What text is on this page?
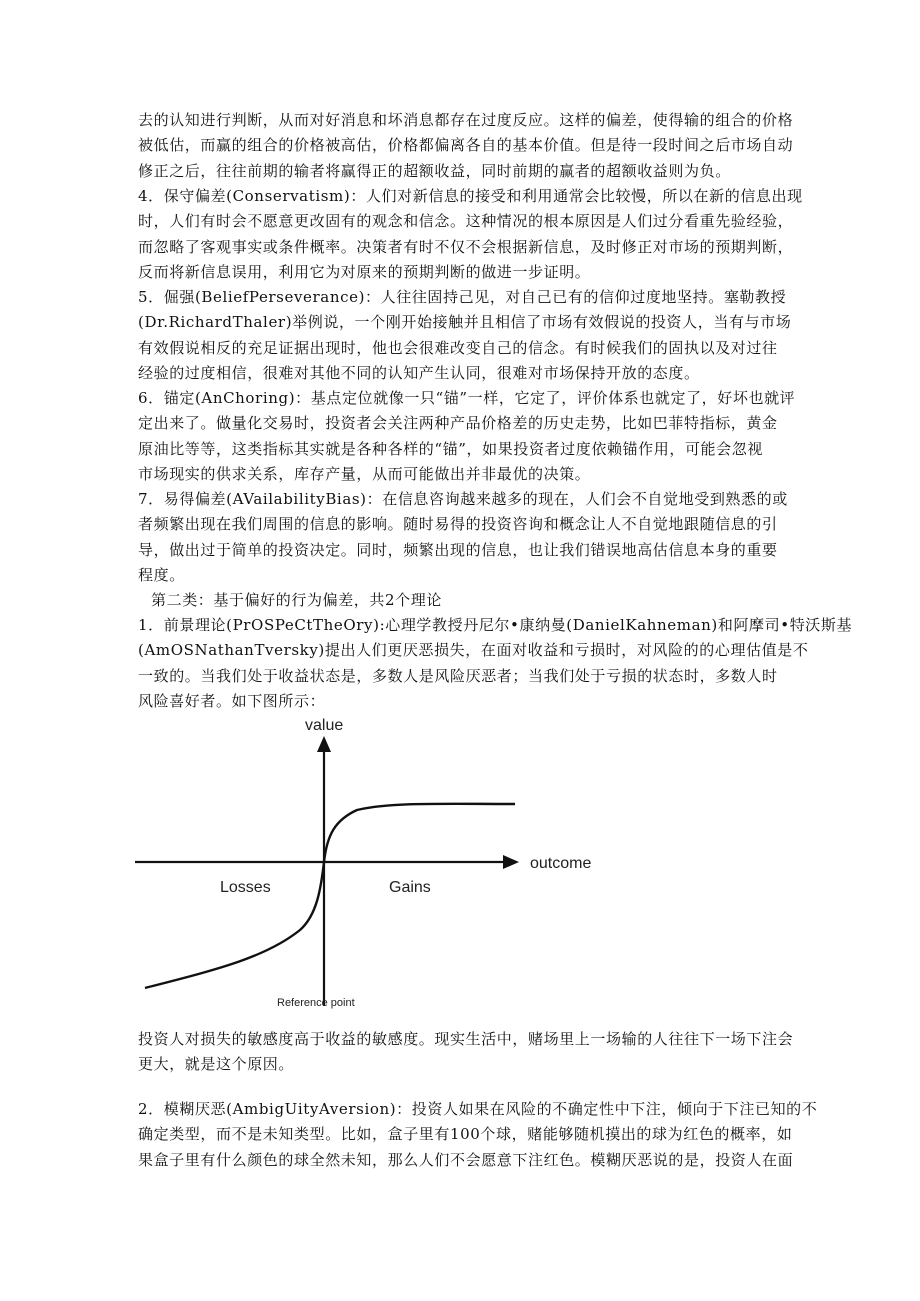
去的认知进行判断，从而对好消息和坏消息都存在过度反应。这样的偏差，使得输的组合的价格
被低估，而赢的组合的价格被高估，价格都偏离各自的基本价值。但是待一段时间之后市场自动
修正之后，往往前期的输者将赢得正的超额收益，同时前期的赢者的超额收益则为负。
4．保守偏差(Conservatism)：人们对新信息的接受和利用通常会比较慢，所以在新的信息出现
时，人们有时会不愿意更改固有的观念和信念。这种情况的根本原因是人们过分看重先验经验，
而忽略了客观事实或条件概率。决策者有时不仅不会根据新信息，及时修正对市场的预期判断，
反而将新信息误用，利用它为对原来的预期判断的做进一步证明。
5．倔强(BeliefPerseverance)：人往往固持己见，对自己已有的信仰过度地坚持。塞勒教授
(Dr.RichardThaler)举例说，一个刚开始接触并且相信了市场有效假说的投资人，当有与市场
有效假说相反的充足证据出现时，他也会很难改变自己的信念。有时候我们的固执以及对过往
经验的过度相信，很难对其他不同的认知产生认同，很难对市场保持开放的态度。
6．锚定(AnChoring)：基点定位就像一只“锚”一样，它定了，评价体系也就定了，好坏也就评
定出来了。做量化交易时，投资者会关注两种产品价格差的历史走势，比如巴菲特指标，黄金
原油比等等，这类指标其实就是各种各样的“锚”，如果投资者过度依赖锚作用，可能会忽视
市场现实的供求关系，库存产量，从而可能做出并非最优的决策。
7．易得偏差(AVailabilityBias)：在信息咨询越来越多的现在，人们会不自觉地受到熟悉的或
者频繁出现在我们周围的信息的影响。随时易得的投资咨询和概念让人不自觉地跟随信息的引
导，做出过于简单的投资决定。同时，频繁出现的信息，也让我们错误地高估信息本身的重要
程度。
第二类：基于偏好的行为偏差，共2个理论
1．前景理论(PrOSPeCtTheOry):心理学教授丹尼尔•康纳曼(DanielKahneman)和阿摩司•特沃斯基
(AmOSNathanTversky)提出人们更厌恶损失，在面对收益和亏损时，对风险的的心理估值是不
一致的。当我们处于收益状态是，多数人是风险厌恶者；当我们处于亏损的状态时，多数人时
风险喜好者。如下图所示：
value
outcome
Losses	Gains
Reference point
投资人对损失的敏感度高于收益的敏感度。现实生活中，赌场里上一场输的人往往下一场下注会
更大，就是这个原因。
2．模糊厌恶(AmbigUityAversion)：投资人如果在风险的不确定性中下注，倾向于下注已知的不
确定类型，而不是未知类型。比如，盒子里有100个球，赌能够随机摸出的球为红色的概率，如
果盒子里有什么颜色的球全然未知，那么人们不会愿意下注红色。模糊厌恶说的是，投资人在面
